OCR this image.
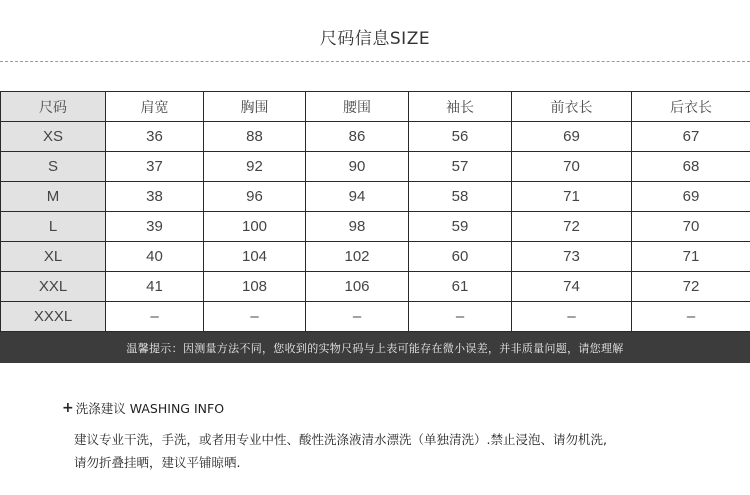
尺码信息SIZE
尺码	肩宽	胸围	腰围	袖长	前衣长	后衣长
XS	36	88	86	56	69	67
S	37	92	90	57	70	68
M	38	96	94	58	71	69
L	39	100	98	59	72	70
XL	40	104	102	60	73	71
XXL	41	108	106	61	74	72
XXXL	–	–	–	–	–	–
温馨提示：因测量方法不同，您收到的实物尺码与上表可能存在微小误差，并非质量问题，请您理解
+ 洗涤建议 WASHING INFO
建议专业干洗，手洗，或者用专业中性、酸性洗涤液清水漂洗（单独清洗）.禁止浸泡、请勿机洗,
请勿折叠挂晒，建议平铺晾晒.
